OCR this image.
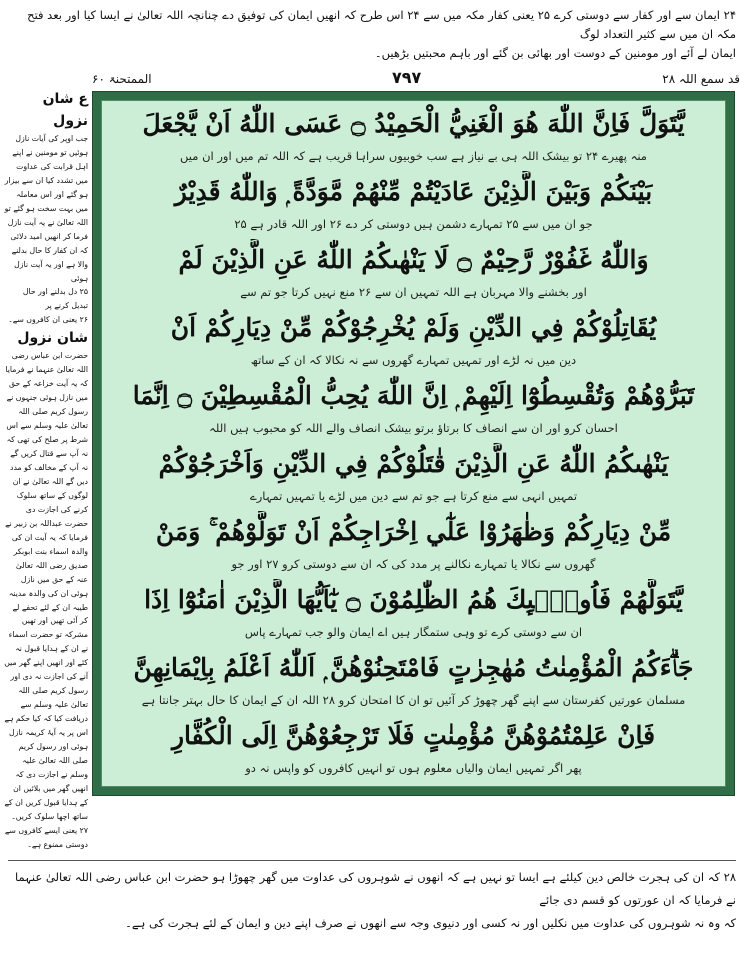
۲۴ ایمان سے اور کفار سے دوستی کرے ۲۵ یعنی کفار مکہ میں سے ۲۴ اس طرح کہ انھیں ایمان کی توفیق دے چنانچہ اللہ تعالیٰ نے ایسا کیا اور بعد فتح مکہ ان میں سے کثیر التعداد لوگ
ایمان لے آئے اور مومنین کے دوست اور بھائی بن گئے اور باہم محبتیں بڑھیں۔
قد سمع اللہ ۲۸
۷۹۷
الممتحنۃ ۶۰
يَّتَوَلَّ فَاِنَّ اللّٰهَ هُوَ الْغَنِيُّ الْحَمِيْدُ ۝ عَسَى اللّٰهُ اَنْ يَّجْعَلَ
منہ پھیرے ۲۴ تو بیشک اللہ ہی بے نیاز ہے سب خوبیوں سراہا قریب ہے کہ اللہ تم میں اور ان میں
بَيْنَكُمْ وَبَيْنَ الَّذِيْنَ عَادَيْتُمْ مِّنْهُمْ مَّوَدَّةً ۭ وَاللّٰهُ قَدِيْرٌ
جو ان میں سے ۲۵ تمہارے دشمن ہیں دوستی کر دے ۲۶ اور اللہ قادر ہے ۲۵
وَاللّٰهُ غَفُوْرٌ رَّحِيْمٌ ۝ لَا يَنْهٰىكُمُ اللّٰهُ عَنِ الَّذِيْنَ لَمْ
اور بخشنے والا مہربان ہے اللہ تمہیں ان سے ۲۶ منع نہیں کرتا جو تم سے
يُقَاتِلُوْكُمْ فِي الدِّيْنِ وَلَمْ يُخْرِجُوْكُمْ مِّنْ دِيَارِكُمْ اَنْ
دین میں نہ لڑے اور تمہیں تمہارے گھروں سے نہ نکالا کہ ان کے ساتھ
تَبَرُّوْهُمْ وَتُقْسِطُوْٓا اِلَيْهِمْ ۭ اِنَّ اللّٰهَ يُحِبُّ الْمُقْسِطِيْنَ ۝ اِنَّمَا
احسان کرو اور ان سے انصاف کا برتاؤ برتو بیشک انصاف والے اللہ کو محبوب ہیں اللہ
يَنْهٰىكُمُ اللّٰهُ عَنِ الَّذِيْنَ قٰتَلُوْكُمْ فِي الدِّيْنِ وَاَخْرَجُوْكُمْ
تمہیں انہی سے منع کرتا ہے جو تم سے دین میں لڑے یا تمہیں تمہارے
مِّنْ دِيَارِكُمْ وَظٰهَرُوْا عَلٰٓي اِخْرَاجِكُمْ اَنْ تَوَلَّوْهُمْ ۚ وَمَنْ
گھروں سے نکالا یا تمہارے نکالنے پر مدد کی کہ ان سے دوستی کرو ۲۷ اور جو
يَّتَوَلَّهُمْ فَاُولٰۗىِٕكَ هُمُ الظّٰلِمُوْنَ ۝ يٰٓاَيُّهَا الَّذِيْنَ اٰمَنُوْٓا اِذَا
ان سے دوستی کرے تو وہی ستمگار ہیں اے ایمان والو جب تمہارے پاس
جَاۗءَكُمُ الْمُؤْمِنٰتُ مُهٰجِرٰتٍ فَامْتَحِنُوْهُنَّ ۭ اَللّٰهُ اَعْلَمُ بِاِيْمَانِهِنَّ
مسلمان عورتیں کفرستان سے اپنے گھر چھوڑ کر آئیں تو ان کا امتحان کرو ۲۸ اللہ ان کے ایمان کا حال بہتر جانتا ہے
فَاِنْ عَلِمْتُمُوْهُنَّ مُؤْمِنٰتٍ فَلَا تَرْجِعُوْهُنَّ اِلَى الْكُفَّارِ
پھر اگر تمہیں ایمان والیاں معلوم ہوں تو انہیں کافروں کو واپس نہ دو
ع شان نزول
جب اوپر کی آیات نازل ہوئیں تو مومنین نے اپنے اہل قرابت کی عداوت میں تشدد کیا ان سے بیزار ہو گئے اور اس معاملہ میں بہت سخت ہو گئے تو اللہ تعالیٰ نے یہ آیت نازل فرما کر انھیں امید دلائی کہ ان کفار کا حال بدلنے والا ہے اور یہ آیت نازل ہوئی
۲۵ دل بدلنے اور حال تبدیل کرنے پر
۲۶ یعنی ان کافروں سے۔
شان نزول
حضرت ابن عباس رضی اللہ تعالیٰ عنہما نے فرمایا کہ یہ آیت خزاعہ کے حق میں نازل ہوئی جنہوں نے رسول کریم صلی اللہ تعالیٰ علیہ وسلم سے اس شرط پر صلح کی تھی کہ نہ آپ سے قتال کریں گے نہ آپ کے مخالف کو مدد دیں گے اللہ تعالیٰ نے ان لوگوں کے ساتھ سلوک کرنے کی اجازت دی حضرت عبداللہ بن زبیر نے فرمایا کہ یہ آیت ان کی والدہ اسماء بنت ابوبکر صدیق رضی اللہ تعالیٰ عنہ کے حق میں نازل ہوئی ان کی والدہ مدینہ طیبہ ان کے لئے تحفے لے کر آئی تھیں اور تھیں مشرکہ تو حضرت اسماء نے ان کے ہدایا قبول نہ کئے اور انھیں اپنے گھر میں آنے کی اجازت نہ دی اور رسول کریم صلی اللہ تعالیٰ علیہ وسلم سے دریافت کیا کہ کیا حکم ہے اس پر یہ آیۂ کریمہ نازل ہوئی اور رسول کریم صلی اللہ تعالیٰ علیہ وسلم نے اجازت دی کہ انھیں گھر میں بلائیں ان کے ہدایا قبول کریں ان کے ساتھ اچھا سلوک کریں۔
۲۷ یعنی ایسے کافروں سے دوستی ممنوع ہے۔
۲۸ کہ ان کی ہجرت خالص دین کیلئے ہے ایسا تو نہیں ہے کہ انھوں نے شوہروں کی عداوت میں گھر چھوڑا ہو حضرت ابن عباس رضی اللہ تعالیٰ عنہما نے فرمایا کہ ان عورتوں کو قسم دی جائے
کہ وہ نہ شوہروں کی عداوت میں نکلیں اور نہ کسی اور دنیوی وجہ سے انھوں نے صرف اپنے دین و ایمان کے لئے ہجرت کی ہے۔
